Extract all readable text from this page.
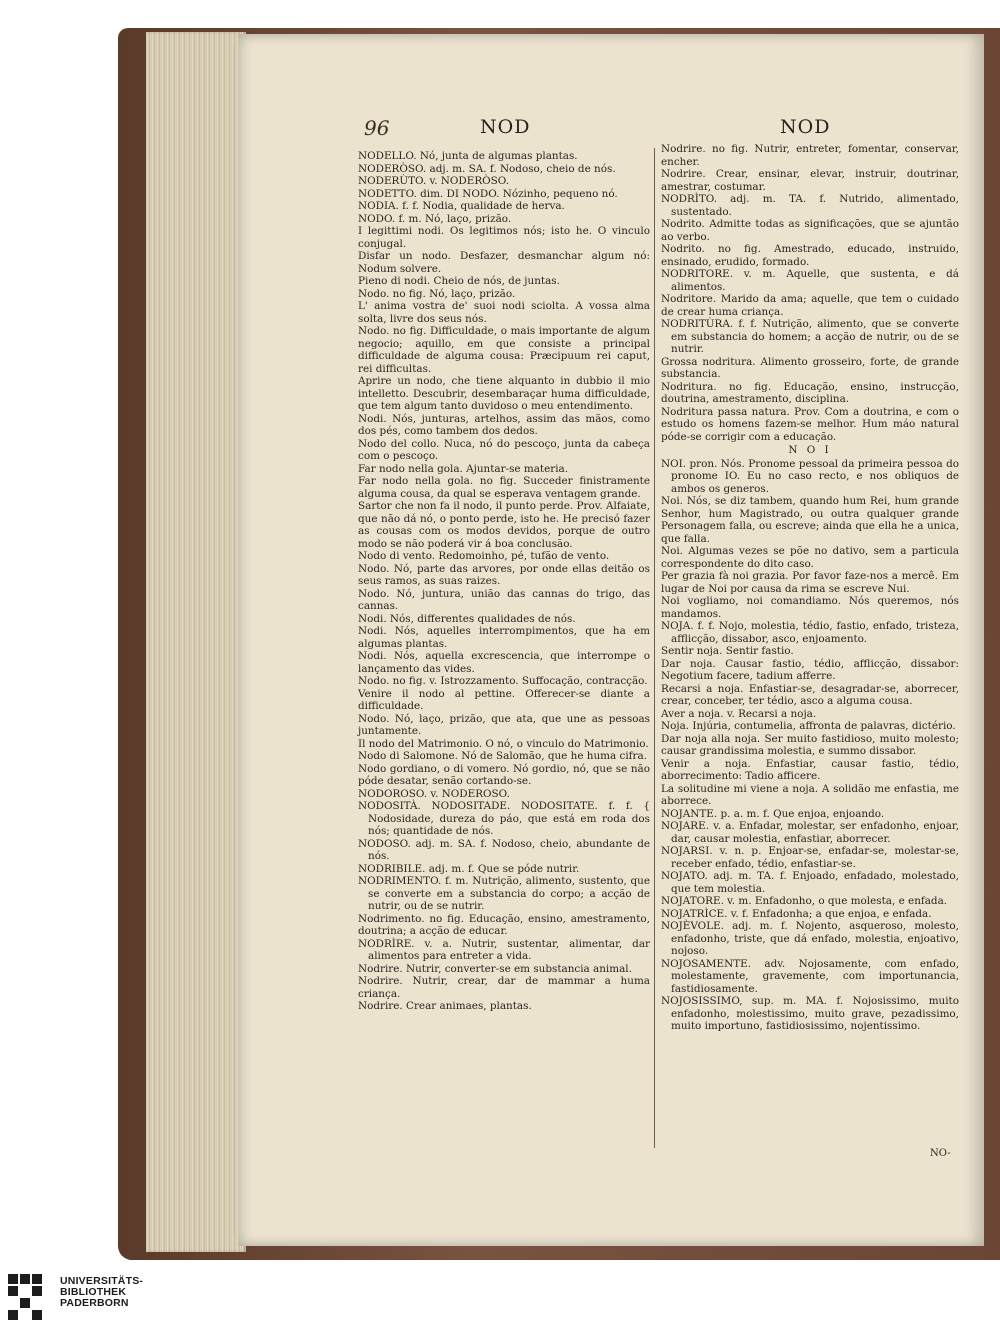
96	NOD	NOD

NODELLO. Nó, junta de algumas plantas.

NODERÒSO. adj. m. SA. f. Nodoso, cheio de nós.

NODERÙTO. v. NODERÒSO.

NODETTO. dim. DI NODO. Nózinho, pequeno nó.

NODIA. f. f. Nodia, qualidade de herva.

NODO. f. m. Nó, laço, prizão.

I legittimi nodi. Os legitimos nós; isto he. O vinculo conjugal.

Disfar un nodo. Desfazer, desmanchar algum nó: Nodum solvere.

Pieno di nodi. Cheio de nós, de juntas.

Nodo. no fig. Nó, laço, prizão.

L' anima vostra de' suoi nodi sciolta. A vossa alma solta, livre dos seus nós.

Nodo. no fig. Difficuldade, o mais importante de algum negocio; aquillo, em que consiste a principal difficuldade de alguma cousa: Præcipuum rei caput, rei difficultas.

Aprire un nodo, che tiene alquanto in dubbio il mio intelletto. Descubrir, desembaraçar huma difficuldade, que tem algum tanto duvidoso o meu entendimento.

Nodi. Nós, junturas, artelhos, assim das mãos, como dos pés, como tambem dos dedos.

Nodo del collo. Nuca, nó do pescoço, junta da cabeça com o pescoço.

Far nodo nella gola. Ajuntar-se materia.

Far nodo nella gola. no fig. Succeder finistramente alguma cousa, da qual se esperava ventagem grande.

Sartor che non fa il nodo, il punto perde. Prov. Alfaiate, que não dá nó, o ponto perde, isto he. He precisó fazer as cousas com os modos devidos, porque de outro modo se não poderá vir á boa conclusão.

Nodo di vento. Redomoinho, pé, tufão de vento.

Nodo. Nó, parte das arvores, por onde ellas deitão os seus ramos, as suas raizes.

Nodo. Nó, juntura, união das cannas do trigo, das cannas.

Nodi. Nós, differentes qualidades de nós.

Nodi. Nós, aquelles interrompimentos, que ha em algumas plantas.

Nodi. Nós, aquella excrescencia, que interrompe o lançamento das vides.

Nodo. no fig. v. Istrozzamento. Suffocação, contracção.

Venire il nodo al pettine. Offerecer-se diante a difficuldade.

Nodo. Nó, laço, prizão, que ata, que une as pessoas juntamente.

Il nodo del Matrimonio. O nó, o vinculo do Matrimonio.

Nodo di Salomone. Nó de Salomão, que he huma cifra.

Nodo gordiano, o di vomero. Nó gordio, nó, que se não póde desatar, senão cortando-se.

NODOROSO. v. NODEROSO.

NODOSITÀ. NODOSITADE. NODOSITATE. f. f. { Nodosidade, dureza do páo, que está em roda dos nós; quantidade de nós.

NODOSO. adj. m. SA. f. Nodoso, cheio, abundante de nós.

NODRIBILE. adj. m. f. Que se póde nutrir.

NODRIMENTO. f. m. Nutrição, alimento, sustento, que se converte em a substancia do corpo; a acção de nutrir, ou de se nutrir.

Nodrimento. no fig. Educação, ensino, amestramento, doutrina; a acção de educar.

NODRÌRE. v. a. Nutrir, sustentar, alimentar, dar alimentos para entreter a vida.

Nodrire. Nutrir, converter-se em substancia animal.

Nodrire. Nutrir, crear, dar de mammar a huma criança.

Nodrire. Crear animaes, plantas.

Nodrire. no fig. Nutrir, entreter, fomentar, conservar, encher.

Nodrire. Crear, ensinar, elevar, instruir, doutrinar, amestrar, costumar.

NODRÌTO. adj. m. TA. f. Nutrido, alimentado, sustentado.

Nodrito. Admitte todas as significações, que se ajuntão ao verbo.

Nodrito. no fig. Amestrado, educado, instruido, ensinado, erudido, formado.

NODRITORE. v. m. Aquelle, que sustenta, e dá alimentos.

Nodritore. Marido da ama; aquelle, que tem o cuidado de crear huma criança.

NODRITÙRA. f. f. Nutrição, alimento, que se converte em substancia do homem; a acção de nutrir, ou de se nutrir.

Grossa nodritura. Alimento grosseiro, forte, de grande substancia.

Nodritura. no fig. Educação, ensino, instrucção, doutrina, amestramento, disciplina.

Nodritura passa natura. Prov. Com a doutrina, e com o estudo os homens fazem-se melhor. Hum máo natural póde-se corrigir com a educação.

N O I

NOI. pron. Nós. Pronome pessoal da primeira pessoa do pronome IO. Eu no caso recto, e nos obliquos de ambos os generos.

Noi. Nós, se diz tambem, quando hum Rei, hum grande Senhor, hum Magistrado, ou outra qualquer grande Personagem falla, ou escreve; ainda que ella he a unica, que falla.

Noi. Algumas vezes se põe no dativo, sem a particula correspondente do dito caso.

Per grazia fà noi grazia. Por favor faze-nos a mercê. Em lugar de Noi por causa da rima se escreve Nui.

Noi vogliamo, noi comandiamo. Nós queremos, nós mandamos.

NOJA. f. f. Nojo, molestia, tédio, fastio, enfado, tristeza, afflicção, dissabor, asco, enjoamento.

Sentir noja. Sentir fastio.

Dar noja. Causar fastio, tédio, afflicção, dissabor: Negotium facere, tadium afferre.

Recarsi a noja. Enfastiar-se, desagradar-se, aborrecer, crear, conceber, ter tédio, asco a alguma cousa.

Aver a noja. v. Recarsi a noja.

Noja. Injúria, contumelia, affronta de palavras, dictério.

Dar noja alla noja. Ser muito fastidioso, muito molesto; causar grandissima molestia, e summo dissabor.

Venir a noja. Enfastiar, causar fastio, tédio, aborrecimento: Tadio afficere.

La solitudine mi viene a noja. A solidão me enfastia, me aborrece.

NOJANTE. p. a. m. f. Que enjoa, enjoando.

NOJARE. v. a. Enfadar, molestar, ser enfadonho, enjoar, dar, causar molestia, enfastiar, aborrecer.

NOJARSI. v. n. p. Enjoar-se, enfadar-se, molestar-se, receber enfado, tédio, enfastiar-se.

NOJATO. adj. m. TA. f. Enjoado, enfadado, molestado, que tem molestia.

NOJATORE. v. m. Enfadonho, o que molesta, e enfada.

NOJATRÌCE. v. f. Enfadonha; a que enjoa, e enfada.

NOJÈVOLE. adj. m. f. Nojento, asqueroso, molesto, enfadonho, triste, que dá enfado, molestia, enjoativo, nojoso.

NOJOSAMENTE. adv. Nojosamente, com enfado, molestamente, gravemente, com importunancia, fastidiosamente.

NOJOSISSIMO, sup. m. MA. f. Nojosissimo, muito enfadonho, molestissimo, muito grave, pezadissimo, muito importuno, fastidiosissimo, nojentissimo.

NO-
UNIVERSITÄTS-
BIBLIOTHEK
PADERBORN
